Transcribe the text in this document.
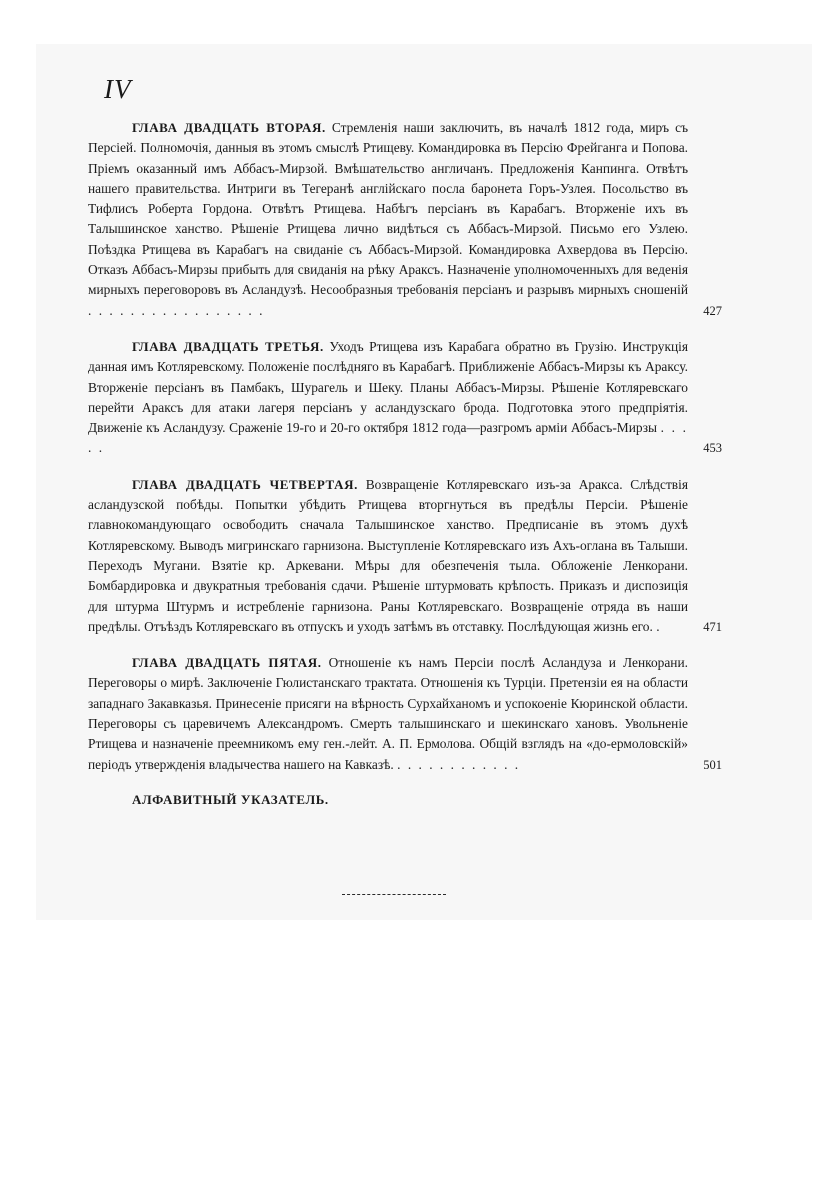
IV
ГЛАВА ДВАДЦАТЬ ВТОРАЯ. Стремленія наши заключить, въ началѣ 1812 года, миръ съ Персіей. Полномочія, данныя въ этомъ смыслѣ Ртищеву. Командировка въ Персію Фрейганга и Попова. Пріемъ оказанный имъ Аббасъ-Мирзой. Вмѣшательство англичанъ. Предложенія Канпинга. Отвѣтъ нашего правительства. Интриги въ Тегеранѣ англійскаго посла баронета Горъ-Узлея. Посольство въ Тифлисъ Роберта Гордона. Отвѣтъ Ртищева. Набѣгъ персіанъ въ Карабагъ. Вторженіе ихъ въ Талышинское ханство. Рѣшеніе Ртищева лично видѣться съ Аббасъ-Мирзой. Письмо его Узлею. Поѣздка Ртищева въ Карабагъ на свиданіе съ Аббасъ-Мирзой. Командировка Ахвердова въ Персію. Отказъ Аббасъ-Мирзы прибыть для свиданія на рѣку Араксъ. Назначеніе уполномоченныхъ для веденія мирныхъ переговоровъ въ Асландузѣ. Несообразныя требованія персіанъ и разрывъ мирныхъ сношеній . . . . . . . . . . . . . . . . .	427
ГЛАВА ДВАДЦАТЬ ТРЕТЬЯ. Уходъ Ртищева изъ Карабага обратно въ Грузію. Инструкція данная имъ Котляревскому. Положеніе послѣдняго въ Карабагѣ. Приближеніе Аббасъ-Мирзы къ Араксу. Вторженіе персіанъ въ Памбакъ, Шурагель и Шеку. Планы Аббасъ-Мирзы. Рѣшеніе Котляревскаго перейти Араксъ для атаки лагеря персіанъ у асландузскаго брода. Подготовка этого предпріятія. Движеніе къ Асландузу. Сраженіе 19-го и 20-го октября 1812 года—разгромъ арміи Аббасъ-Мирзы . . . . .	453
ГЛАВА ДВАДЦАТЬ ЧЕТВЕРТАЯ. Возвращеніе Котляревскаго изъ-за Аракса. Слѣдствія асландузской побѣды. Попытки убѣдить Ртищева вторгнуться въ предѣлы Персіи. Рѣшеніе главнокомандующаго освободить сначала Талышинское ханство. Предписаніе въ этомъ духѣ Котляревскому. Выводъ мигринскаго гарнизона. Выступленіе Котляревскаго изъ Ахъ-оглана въ Талыши. Переходъ Мугани. Взятіе кр. Аркевани. Мѣры для обезпеченія тыла. Обложеніе Ленкорани. Бомбардировка и двукратныя требованія сдачи. Рѣшеніе штурмовать крѣпость. Приказъ и диспозиція для штурма Штурмъ и истребленіе гарнизона. Раны Котляревскаго. Возвращеніе отряда въ наши предѣлы. Отъѣздъ Котляревскаго въ отпускъ и уходъ затѣмъ въ отставку. Послѣдующая жизнь его. .	471
ГЛАВА ДВАДЦАТЬ ПЯТАЯ. Отношеніе къ намъ Персіи послѣ Асландуза и Ленкорани. Переговоры о мирѣ. Заключеніе Гюлистанскаго трактата. Отношенія къ Турціи. Претензіи ея на области западнаго Закавказья. Принесеніе присяги на вѣрность Сурхайханомъ и успокоеніе Кюринской области. Переговоры съ царевичемъ Александромъ. Смерть талышинскаго и шекинскаго хановъ. Увольненіе Ртищева и назначеніе преемникомъ ему ген.-лейт. А. П. Ермолова. Общій взглядъ на «до-ермоловскій» періодъ утвержденія владычества нашего на Кавказѣ. . . . . . . . . . . . .	501
АЛФАВИТНЫЙ УКАЗАТЕЛЬ.
